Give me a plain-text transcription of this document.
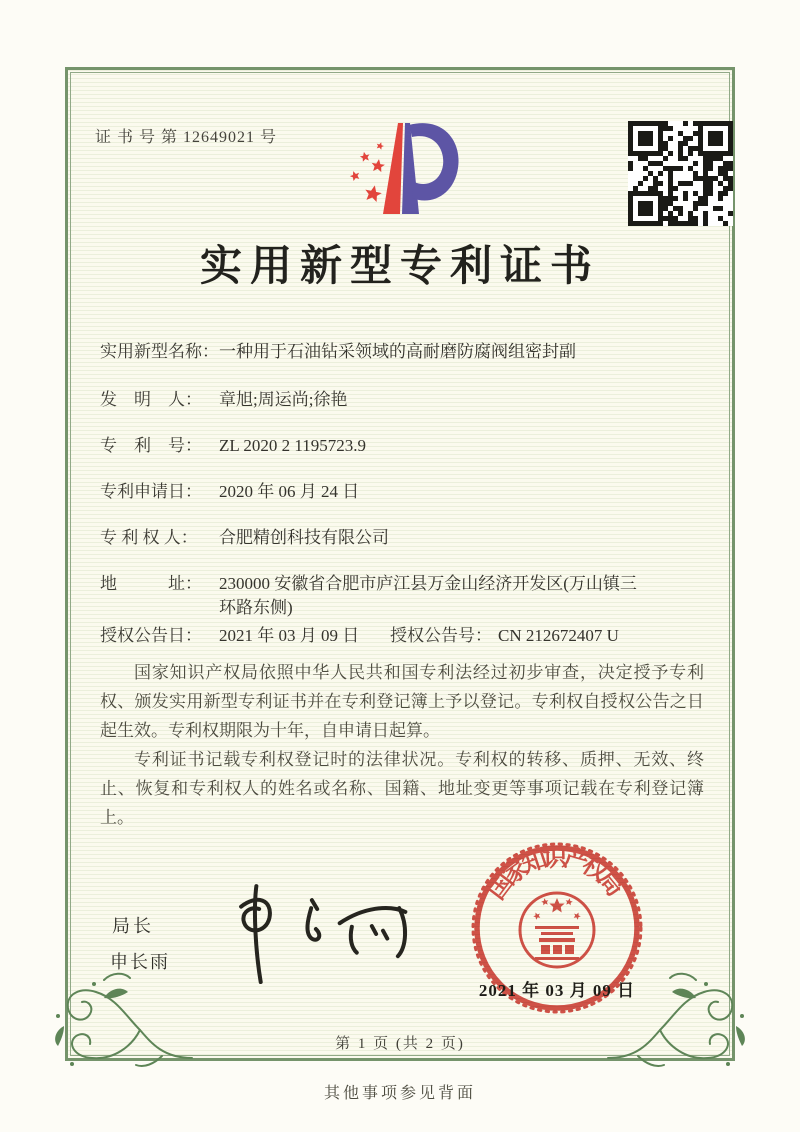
证 书 号 第 12649021 号
实用新型专利证书
实用新型名称： 一种用于石油钻采领域的高耐磨防腐阀组密封副
发　明　人：	章旭;周运尚;徐艳
专　利　号：	ZL 2020 2 1195723.9
专利申请日：	2020 年 06 月 24 日
专 利 权 人：	合肥精创科技有限公司
地　　　址：	230000 安徽省合肥市庐江县万金山经济开发区(万山镇三环路东侧)
授权公告日：	2021 年 03 月 09 日 授权公告号： CN 212672407 U

国家知识产权局依照中华人民共和国专利法经过初步审查，决定授予专利权、颁发实用新型专利证书并在专利登记簿上予以登记。专利权自授权公告之日起生效。专利权期限为十年，自申请日起算。

专利证书记载专利权登记时的法律状况。专利权的转移、质押、无效、终止、恢复和专利权人的姓名或名称、国籍、地址变更等事项记载在专利登记簿上。

局长
申长雨
国家知识产权局
2021 年 03 月 09 日
第 1 页 (共 2 页)
其他事项参见背面
